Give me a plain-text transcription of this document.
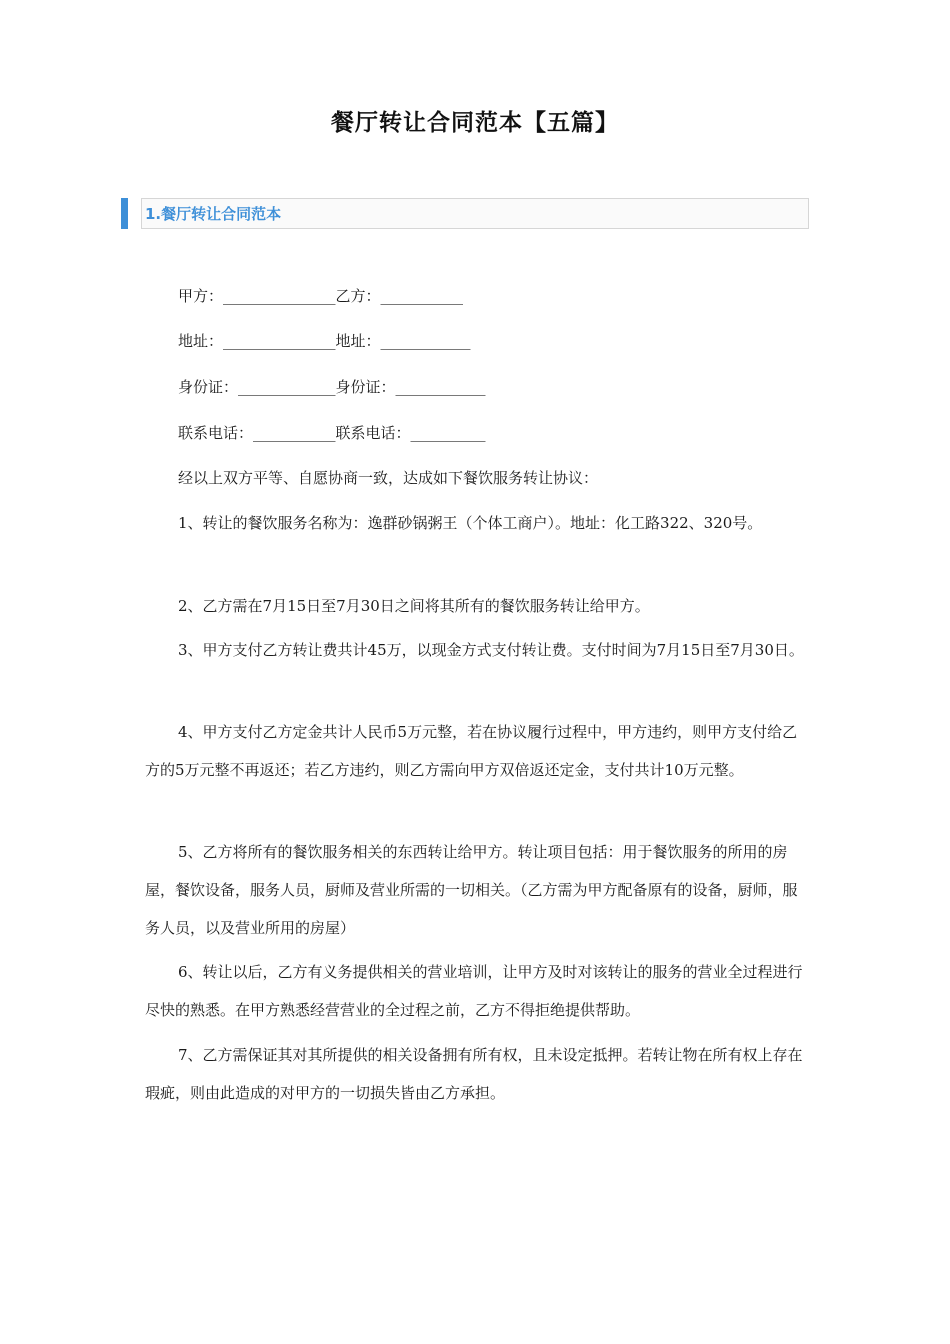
餐厅转让合同范本【五篇】
1.餐厅转让合同范本
甲方：_______________乙方：___________
地址：_______________地址：____________
身份证：_____________身份证：____________
联系电话：___________联系电话：__________

经以上双方平等、自愿协商一致，达成如下餐饮服务转让协议：

1、转让的餐饮服务名称为：逸群砂锅粥王（个体工商户）。地址：化工路322、320号。

2、乙方需在7月15日至7月30日之间将其所有的餐饮服务转让给甲方。

3、甲方支付乙方转让费共计45万，以现金方式支付转让费。支付时间为7月15日至7月30日。

4、甲方支付乙方定金共计人民币5万元整，若在协议履行过程中，甲方违约，则甲方支付给乙方的5万元整不再返还；若乙方违约，则乙方需向甲方双倍返还定金，支付共计10万元整。

5、乙方将所有的餐饮服务相关的东西转让给甲方。转让项目包括：用于餐饮服务的所用的房屋，餐饮设备，服务人员，厨师及营业所需的一切相关。（乙方需为甲方配备原有的设备，厨师，服务人员，以及营业所用的房屋）

6、转让以后，乙方有义务提供相关的营业培训，让甲方及时对该转让的服务的营业全过程进行尽快的熟悉。在甲方熟悉经营营业的全过程之前，乙方不得拒绝提供帮助。

7、乙方需保证其对其所提供的相关设备拥有所有权，且未设定抵押。若转让物在所有权上存在瑕疵，则由此造成的对甲方的一切损失皆由乙方承担。
